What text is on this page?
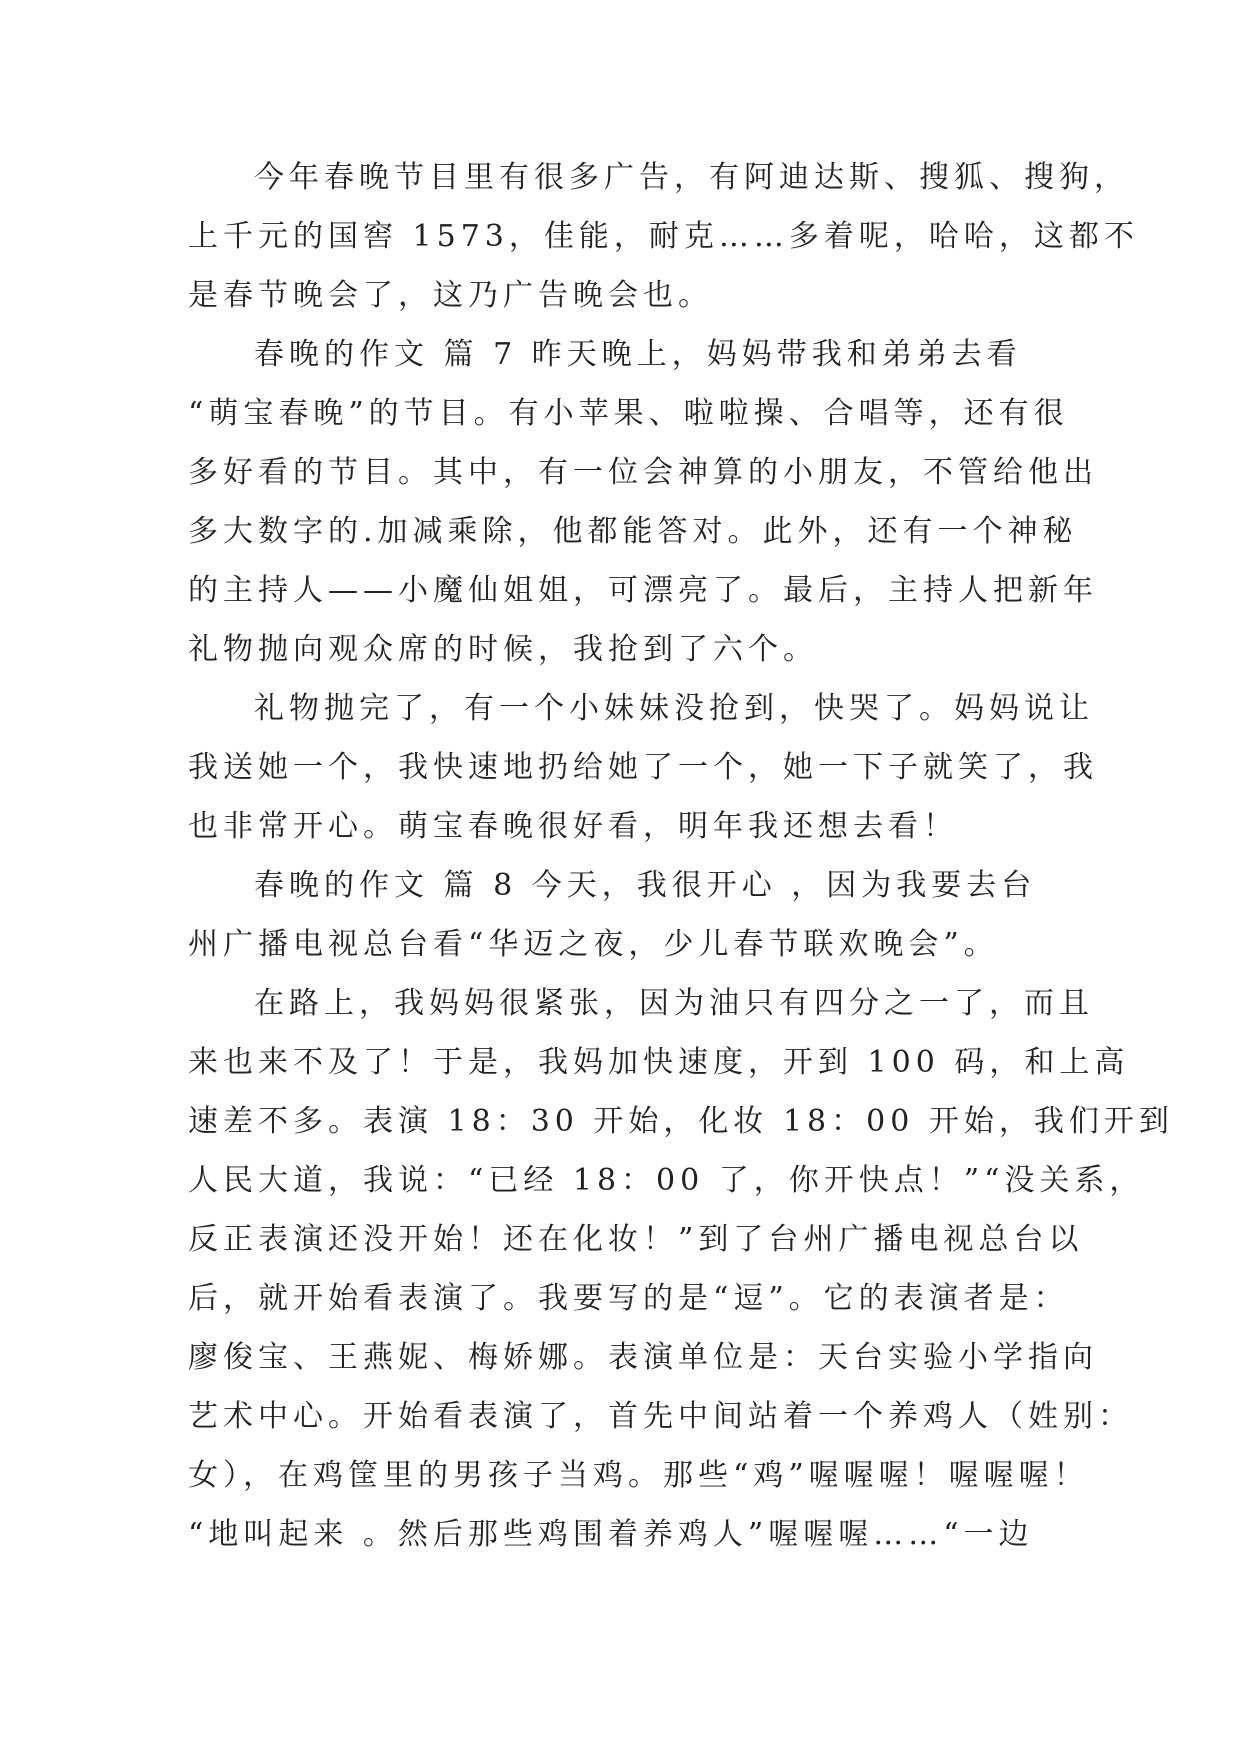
今年春晚节目里有很多广告，有阿迪达斯、搜狐、搜狗，
上千元的国窖 1573，佳能，耐克……多着呢，哈哈，这都不
是春节晚会了，这乃广告晚会也。
春晚的作文 篇 7 昨天晚上，妈妈带我和弟弟去看
“萌宝春晚”的节目。有小苹果、啦啦操、合唱等，还有很
多好看的节目。其中，有一位会神算的小朋友，不管给他出
多大数字的.加减乘除，他都能答对。此外，还有一个神秘
的主持人——小魔仙姐姐，可漂亮了。最后，主持人把新年
礼物抛向观众席的时候，我抢到了六个。
礼物抛完了，有一个小妹妹没抢到，快哭了。妈妈说让
我送她一个，我快速地扔给她了一个，她一下子就笑了，我
也非常开心。萌宝春晚很好看，明年我还想去看！
春晚的作文 篇 8 今天，我很开心 ，因为我要去台
州广播电视总台看“华迈之夜，少儿春节联欢晚会”。
在路上，我妈妈很紧张，因为油只有四分之一了，而且
来也来不及了！于是，我妈加快速度，开到 100 码，和上高
速差不多。表演 18：30 开始，化妆 18：00 开始，我们开到
人民大道，我说：“已经 18：00 了，你开快点！”“没关系，
反正表演还没开始！还在化妆！”到了台州广播电视总台以
后，就开始看表演了。我要写的是“逗”。它的表演者是：
廖俊宝、王燕妮、梅娇娜。表演单位是：天台实验小学指向
艺术中心。开始看表演了，首先中间站着一个养鸡人（姓别：
女），在鸡筐里的男孩子当鸡。那些“鸡”喔喔喔！喔喔喔！
“地叫起来 。然后那些鸡围着养鸡人”喔喔喔……“一边
